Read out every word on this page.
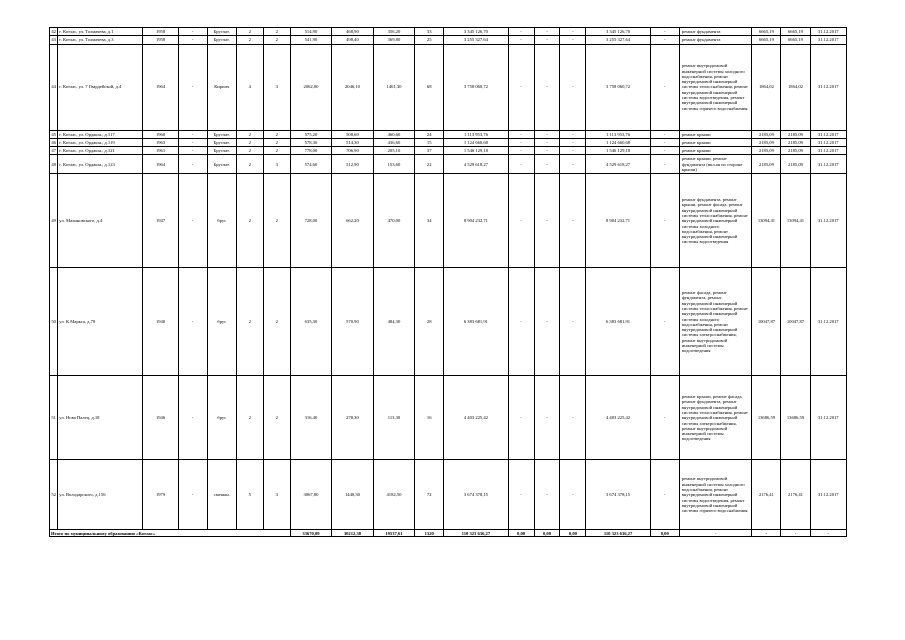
42	г. Котлас, ул. Толмачева, д.1	1958	-	Брусчат.	2	2	514,90	468,90	356,20	33	3 345 126,70	-	-	-	3 345 126,70	-	ремонт фундамента	6665,19	6665,19	31.12.2017
43	г. Котлас, ул. Толмачева, д.3	1958	-	Брусчат.	2	2	541,90	498,40	369,80	25	3 255 327,64	-	-	-	3 255 327,64	-	ремонт фундамента	6665,19	6665,19	31.12.2017
44	г. Котлас, ул. 7 Гвардейской, д.4	1964	-	Кирпич	4	3	2062,00	2046,10	1461,30	68	3 758 060,72	-	-	-	3 758 060,72	-	ремонт внутридомовой инженерной системы холодного водоснабжения, ремонт внутридомовой инженерной системы теплоснабжения, ремонт внутридомовой инженерной системы водоотведения, ремонт внутридомовой инженерной системы горячего водоснабжения	1864,02	1864,02	31.12.2017
45	г. Котлас, ул. Орджон., д.117	1960	-	Брусчат.	2	2	575,20	508,60	460,60	24	1 113 953,76	-	-	-	1 113 953,76	-	ремонт крыши	2185,09	2185,09	31.12.2017
46	г. Котлас, ул. Орджон., д.119	1963	-	Брусчат.	2	2	578,30	514,30	436,60	15	1 124 660,68	-	-	-	1 124 660,68	-	ремонт крыши	2185,09	2185,09	31.12.2017
47	г. Котлас, ул. Орджон., д.121	1961	-	Брусчат.	2	2	778,00	706,90	205,10	37	1 546 129,18	-	-	-	1 546 129,18	-	ремонт крыши	2185,09	2185,09	31.12.2017
48	г. Котлас, ул. Орджон., д.123	1964	-	Брусчат.	2	3	574,60	512,90	153,60	22	4 529 618,27	-	-	-	4 529 618,27	-	ремонт крыши, ремонт фундамента (вкл.ая по стороне крыши)	2185,09	2185,09	31.12.2017
49	ул. Малиновского, д.4	1947	-	брус	2	2	728,00	662,20	470,00	34	8 904 232,71	-	-	-	8 904 232,71	-	ремонт фундамента, ремонт крыши, ремонт фасада, ремонт внутридомовой инженерной системы теплоснабжения, ремонт внутридомовой инженерной системы холодного водоснабжения, ремонт внутридомовой инженерной системы водоотведения	13094,41	13094,41	31.12.2017
50	ул. К.Маркса, д.78	1940	-	брус	2	2	635,30	570,90	484,30	28	6 383 681,91	-	-	-	6 383 681,91	-	ремонт фасада, ремонт фундамента, ремонт внутридомовой инженерной системы теплоснабжения, ремонт внутридомовой инженерной системы холодного водоснабжения, ремонт внутридомовой инженерной системы электроснабжения, ремонт внутридомовой инженерной системы водоотведения	10047,87	10047,87	31.12.2017
51	ул. Нова Палец, д.18	1946	-	брус	2	2	316,40	278,30	113,30	16	4 403 225,42	-	-	-	4 403 225,42	-	ремонт крыши, ремонт фасада, ремонт фундамента, ремонт внутридомовой инженерной системы теплоснабжения, ремонт внутридомовой инженерной системы электроснабжения, ремонт внутридомовой инженерной системы водоотведения	13686,59	13686,59	31.12.2017
52	ул. Володарского, д.156	1979	-	смешан.	5	3	3067,80	1440,30	4182,50	72	3 674 378,15	-	-	-	3 674 378,15	-	ремонт внутридомовой инженерной системы холодного водоснабжения, ремонт внутридомовой инженерной системы водоотведения, ремонт внутридомовой инженерной системы горячего водоснабжения	2176,41	2176,41	31.12.2017
Итого по муниципальному образованию «Котлас»							33670,09	30212,38	19537,61	1320	110 323 636,27	0,00	0,00	0,00	110 323 636,27	0,00	-	-	-	-
